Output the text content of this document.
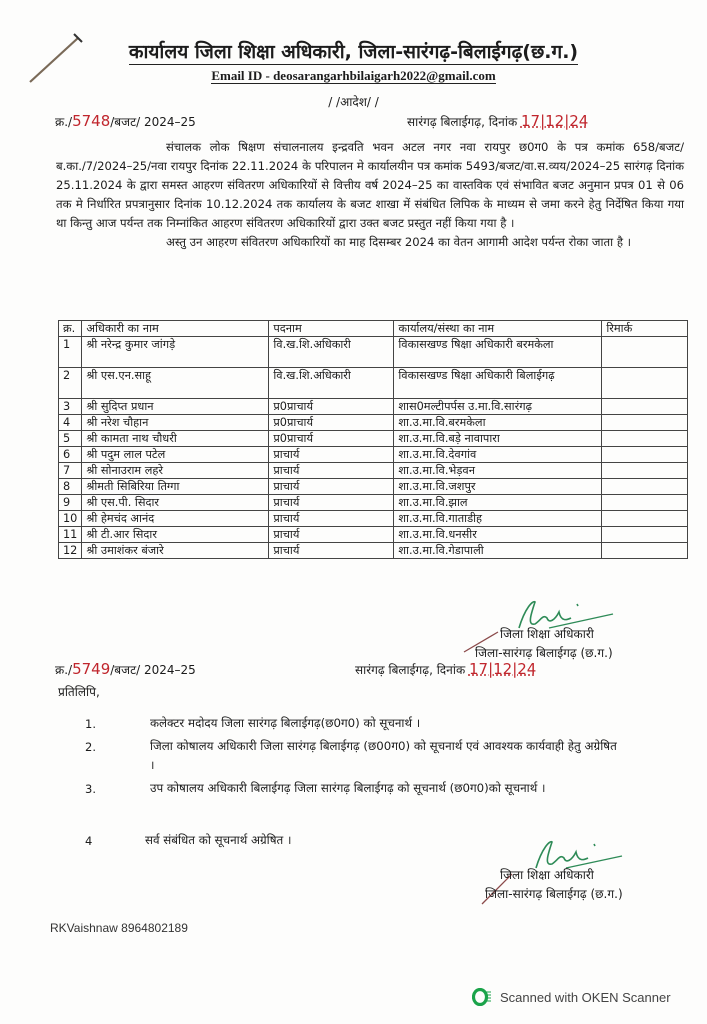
कार्यालय जिला शिक्षा अधिकारी, जिला-सारंगढ़-बिलाईगढ़(छ.ग.)
Email ID - deosarangarhbilaigarh2022@gmail.com
/ /आदेश/ /
क्र./5748/बजट/ 2024–25	सारंगढ़ बिलाईगढ़, दिनांक 17|12|24

संचालक लोक षिक्षण संचालनालय इन्द्रवति भवन अटल नगर नवा रायपुर छ0ग0 के पत्र कमांक 658/बजट/ब.का./7/2024–25/नवा रायपुर दिनांक 22.11.2024 के परिपालन मे कार्यालयीन पत्र कमांक 5493/बजट/वा.स.व्यय/2024–25 सारंगढ़ दिनांक 25.11.2024 के द्वारा समस्त आहरण संवितरण अधिकारियों से वित्तीय वर्ष 2024–25 का वास्तविक एवं संभावित बजट अनुमान प्रपत्र 01 से 06 तक मे निर्धारित प्रपत्रानुसार दिनांक 10.12.2024 तक कार्यालय के बजट शाखा में संबंधित लिपिक के माध्यम से जमा करने हेतु निर्देषित किया गया था किन्तु आज पर्यन्त तक निम्नांकित आहरण संवितरण अधिकारियों द्वारा उक्त बजट प्रस्तुत नहीं किया गया है ।

अस्तु उन आहरण संवितरण अधिकारियों का माह दिसम्बर 2024 का वेतन आगामी आदेश पर्यन्त रोका जाता है ।

क्र.	अधिकारी का नाम	पदनाम	कार्यालय/संस्था का नाम	रिमार्क
1	श्री नरेन्द्र कुमार जांगड़े	वि.ख.शि.अधिकारी	विकासखण्ड षिक्षा अधिकारी बरमकेला	
2	श्री एस.एन.साहू	वि.ख.शि.अधिकारी	विकासखण्ड षिक्षा अधिकारी बिलाईगढ़	
3	श्री सुदिप्त प्रधान	प्र0प्राचार्य	शास0मल्टीपर्पस उ.मा.वि.सारंगढ़	
4	श्री नरेश चौहान	प्र0प्राचार्य	शा.उ.मा.वि.बरमकेला	
5	श्री कामता नाथ चौधरी	प्र0प्राचार्य	शा.उ.मा.वि.बड़े नावापारा	
6	श्री पदुम लाल पटेल	प्राचार्य	शा.उ.मा.वि.देवगांव	
7	श्री सोनाउराम लहरे	प्राचार्य	शा.उ.मा.वि.भेड़वन	
8	श्रीमती सिबिरिया तिग्गा	प्राचार्य	शा.उ.मा.वि.जशपुर	
9	श्री एस.पी. सिदार	प्राचार्य	शा.उ.मा.वि.झाल	
10	श्री हेमचंद आनंद	प्राचार्य	शा.उ.मा.वि.गाताडीह	
11	श्री टी.आर सिदार	प्राचार्य	शा.उ.मा.वि.धनसीर	
12	श्री उमाशंकर बंजारे	प्राचार्य	शा.उ.मा.वि.गेडापाली	
जिला शिक्षा अधिकारी
जिला-सारंगढ़ बिलाईगढ़ (छ.ग.)
क्र./5749/बजट/ 2024–25	सारंगढ़ बिलाईगढ़, दिनांक 17|12|24
प्रतिलिपि,
1.	कलेक्टर मदोदय जिला सारंगढ़ बिलाईगढ़(छ0ग0) को सूचनार्थ ।
2.	जिला कोषालय अधिकारी जिला सारंगढ़ बिलाईगढ़ (छ00ग0) को सूचनार्थ एवं आवश्यक कार्यवाही हेतु अग्रेषित ।
3.	उप कोषालय अधिकारी बिलाईगढ़ जिला सारंगढ़ बिलाईगढ़ को सूचनार्थ (छ0ग0)को सूचनार्थ ।
4	सर्व संबंधित को सूचनार्थ अग्रेषित ।
जिला शिक्षा अधिकारी
जिला-सारंगढ़ बिलाईगढ़ (छ.ग.)
RKVaishnaw 8964802189
Scanned with OKEN Scanner
